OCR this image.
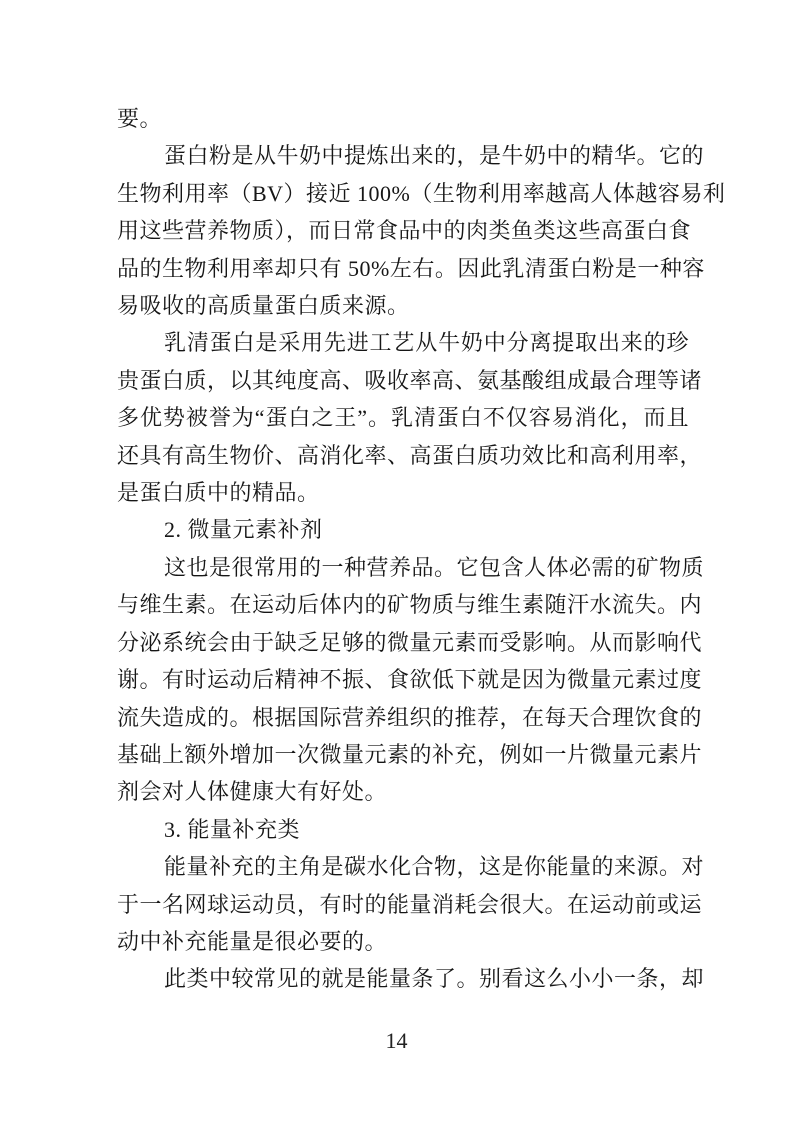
要。
蛋白粉是从牛奶中提炼出来的，是牛奶中的精华。它的
生物利用率（BV）接近 100%（生物利用率越高人体越容易利
用这些营养物质），而日常食品中的肉类鱼类这些高蛋白食
品的生物利用率却只有 50%左右。因此乳清蛋白粉是一种容
易吸收的高质量蛋白质来源。
乳清蛋白是采用先进工艺从牛奶中分离提取出来的珍
贵蛋白质，以其纯度高、吸收率高、氨基酸组成最合理等诸
多优势被誉为“蛋白之王”。乳清蛋白不仅容易消化，而且
还具有高生物价、高消化率、高蛋白质功效比和高利用率，
是蛋白质中的精品。
2. 微量元素补剂
这也是很常用的一种营养品。它包含人体必需的矿物质
与维生素。在运动后体内的矿物质与维生素随汗水流失。内
分泌系统会由于缺乏足够的微量元素而受影响。从而影响代
谢。有时运动后精神不振、食欲低下就是因为微量元素过度
流失造成的。根据国际营养组织的推荐，在每天合理饮食的
基础上额外增加一次微量元素的补充，例如一片微量元素片
剂会对人体健康大有好处。
3. 能量补充类
能量补充的主角是碳水化合物，这是你能量的来源。对
于一名网球运动员，有时的能量消耗会很大。在运动前或运
动中补充能量是很必要的。
此类中较常见的就是能量条了。别看这么小小一条，却
14
